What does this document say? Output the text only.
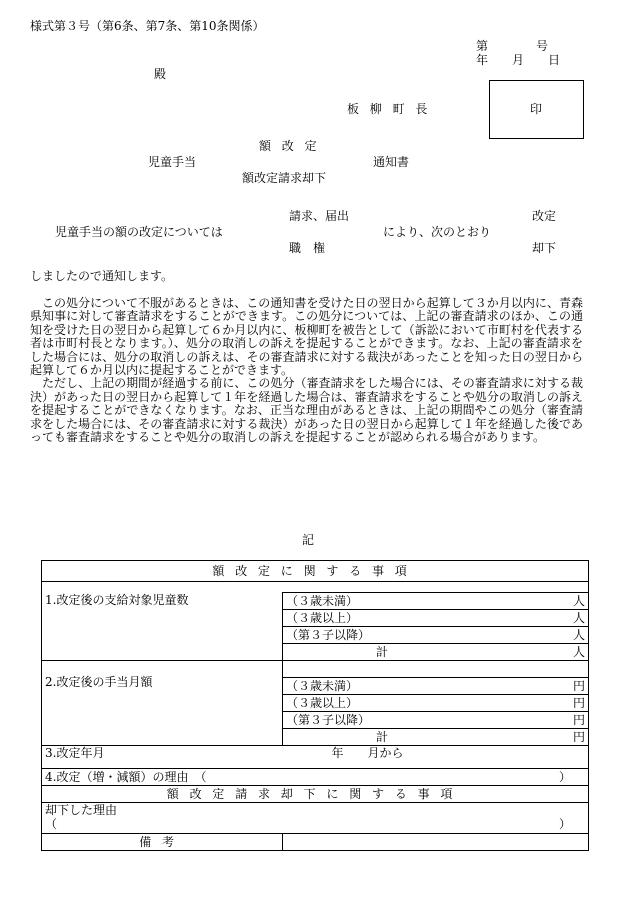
様式第３号（第6条、第7条、第10条関係）
第　　　　号
年　　月　　日
殿
板柳町長	印
額改定
児童手当	通知書
額改定請求却下
請求、届出	改定
児童手当の額の改定については	により、次のとおり
職　権	却下
しましたので通知します。

この処分について不服があるときは、この通知書を受けた日の翌日から起算して３か月以内に、青森県知事に対して審査請求をすることができます。この処分については、上記の審査請求のほか、この通知を受けた日の翌日から起算して６か月以内に、板柳町を被告として（訴訟において市町村を代表する者は市町村長となります。）、処分の取消しの訴えを提起することができます。なお、上記の審査請求をした場合には、処分の取消しの訴えは、その審査請求に対する裁決があったことを知った日の翌日から起算して６か月以内に提起することができます。

ただし、上記の期間が経過する前に、この処分（審査請求をした場合には、その審査請求に対する裁決）があった日の翌日から起算して１年を経過した場合は、審査請求をすることや処分の取消しの訴えを提起することができなくなります。なお、正当な理由があるときは、上記の期間やこの処分（審査請求をした場合には、その審査請求に対する裁決）があった日の翌日から起算して１年を経過した後であっても審査請求をすることや処分の取消しの訴えを提起することが認められる場合があります。

記
額改定に関する事項	

1.改定後の支給対象児童数	（３歳未満） 人

	（３歳以上） 人

	（第３子以降） 人

	計 人

2.改定後の手当月額	
	（３歳未満） 円

	（３歳以上） 円

	（第３子以降） 円

	計 円

3.改定年月 年　　月から	

4.改定（増・減額）の理由　（ ）	

額改定請求却下に関する事項	

却下した理由
（ ）	

備考	
